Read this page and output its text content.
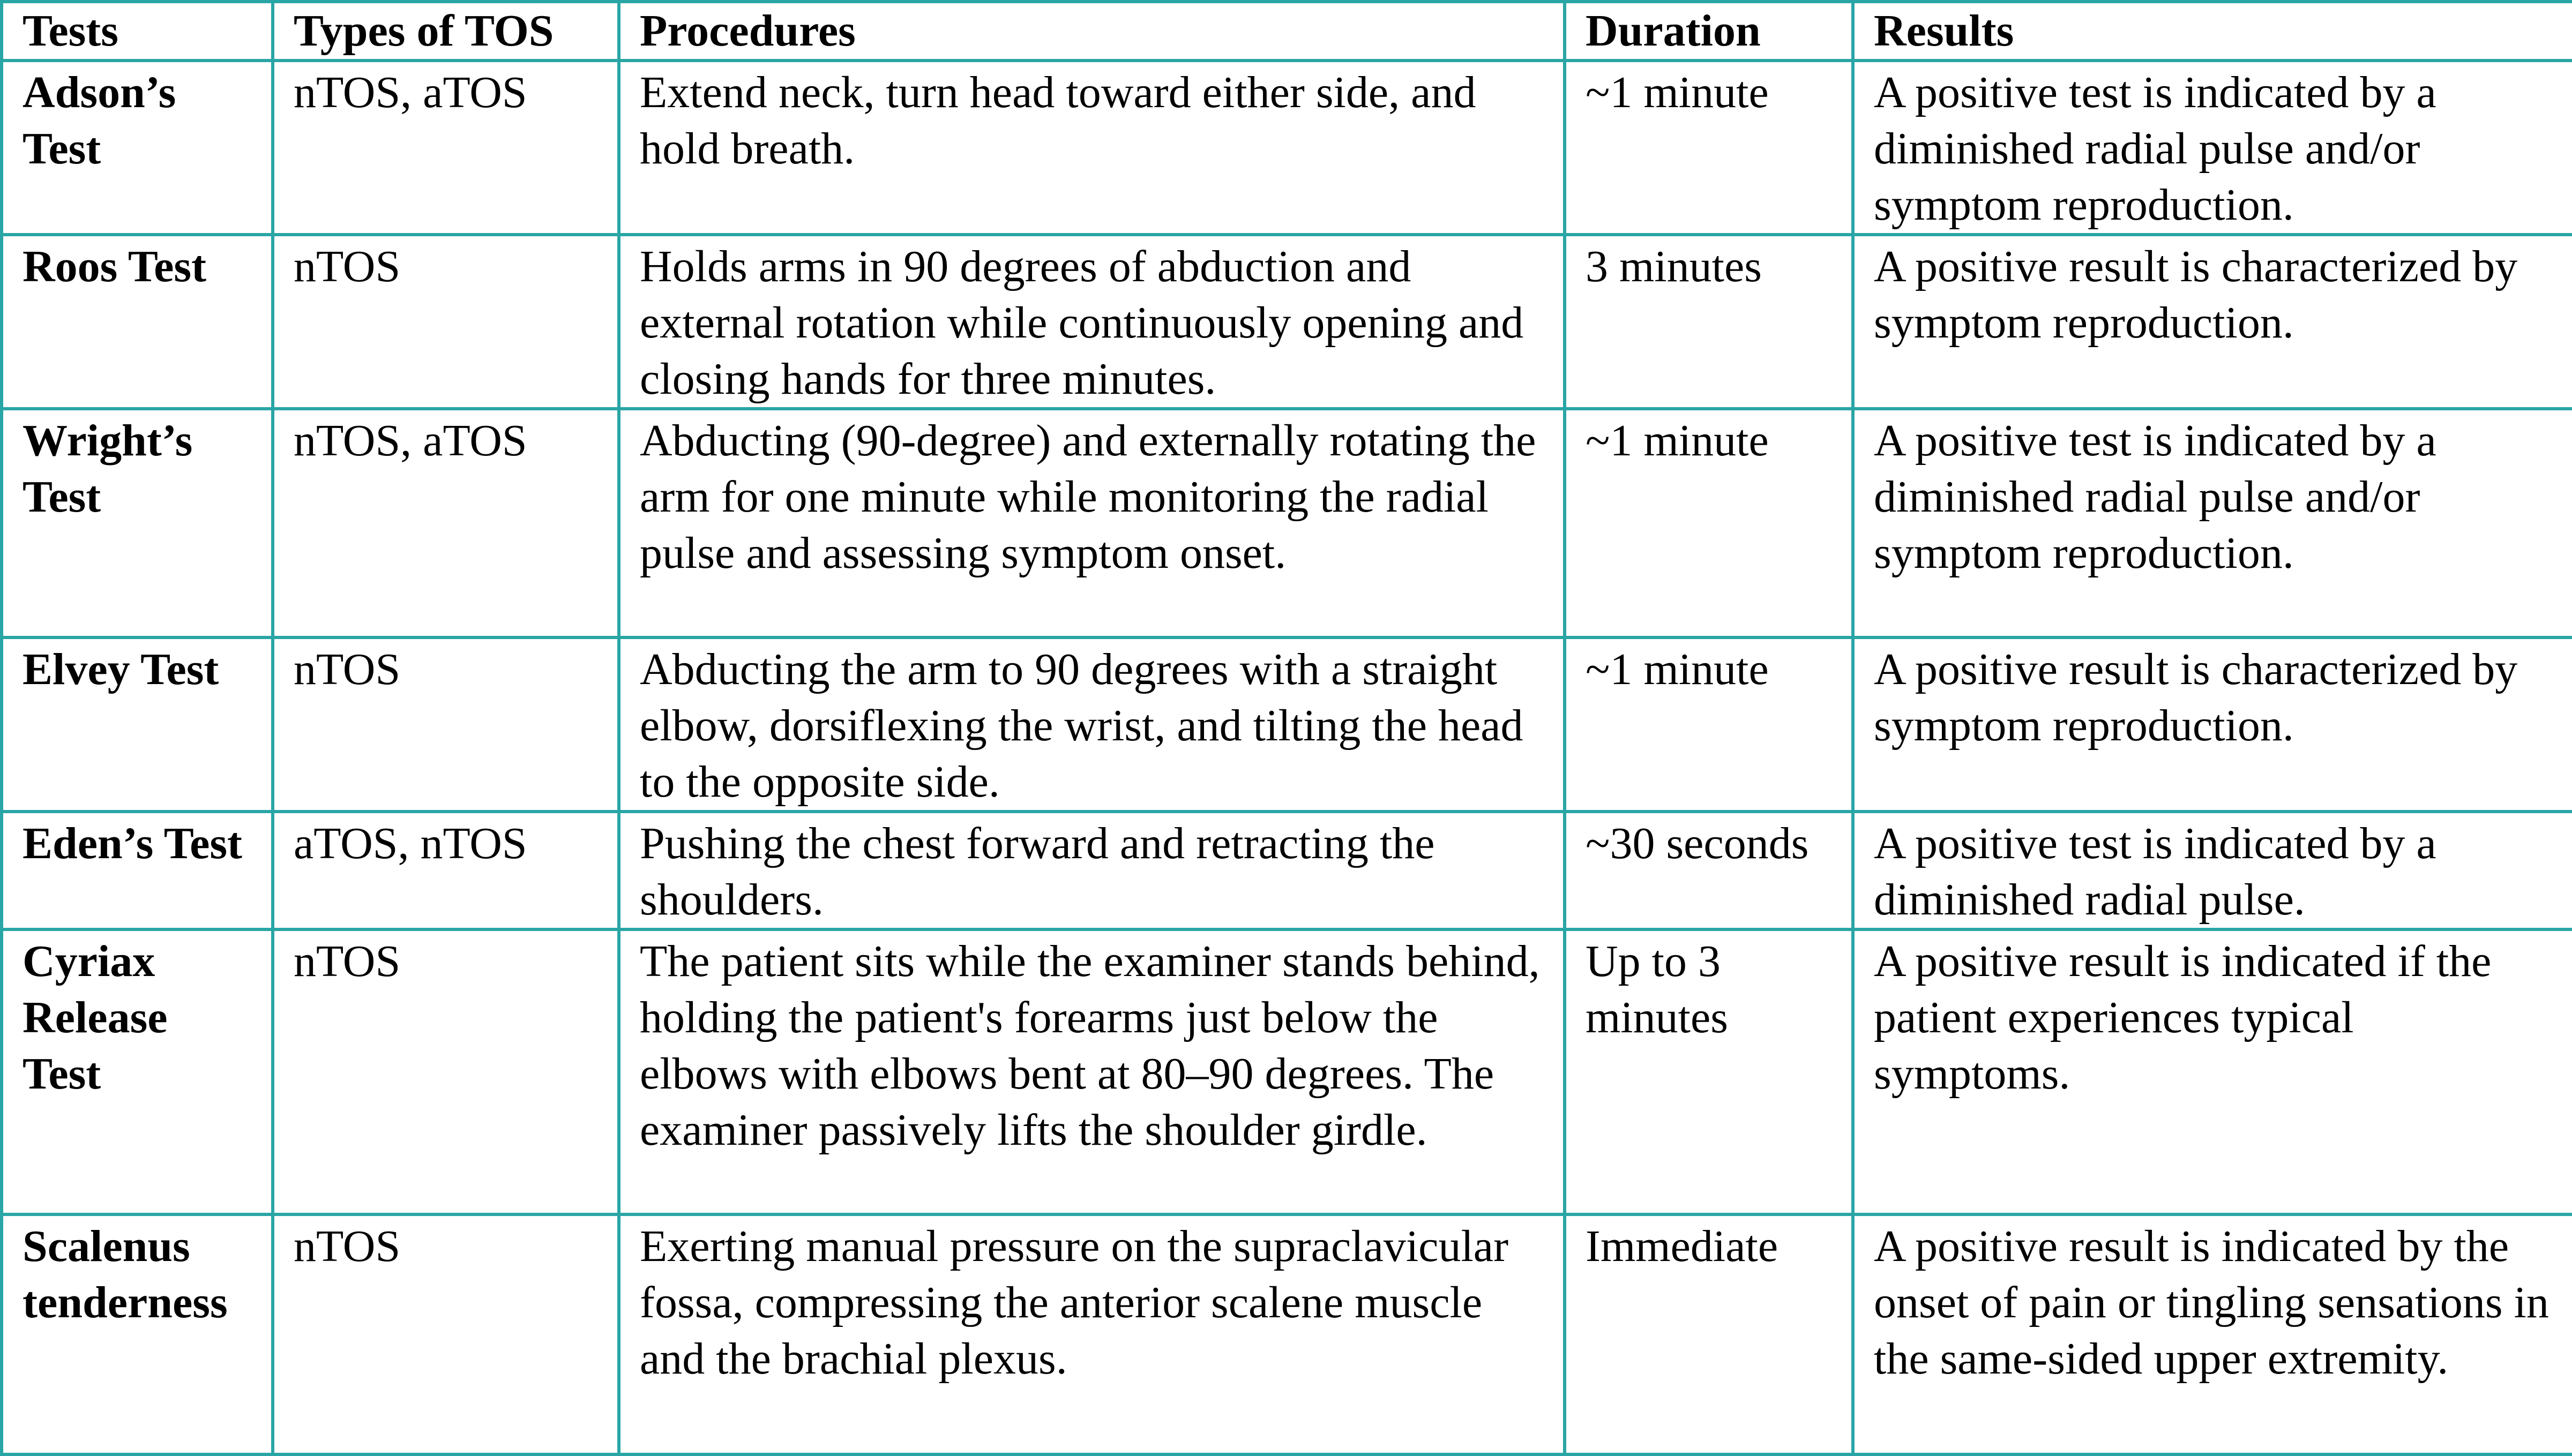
Tests	Types of TOS	Procedures	Duration	Results
Adson’s Test	nTOS, aTOS	Extend neck, turn head toward either side, and hold breath.	~1 minute	A positive test is indicated by a diminished radial pulse and/or symptom reproduction.
Roos Test	nTOS	Holds arms in 90 degrees of abduction and external rotation while continuously opening and closing hands for three minutes.	3 minutes	A positive result is characterized by symptom reproduction.
Wright’s Test	nTOS, aTOS	Abducting (90-degree) and externally rotating the arm for one minute while monitoring the radial pulse and assessing symptom onset.	~1 minute	A positive test is indicated by a diminished radial pulse and/or symptom reproduction.
Elvey Test	nTOS	Abducting the arm to 90 degrees with a straight elbow, dorsiflexing the wrist, and tilting the head to the opposite side.	~1 minute	A positive result is characterized by symptom reproduction.
Eden’s Test	aTOS, nTOS	Pushing the chest forward and retracting the shoulders.	~30 seconds	A positive test is indicated by a diminished radial pulse.
Cyriax Release Test	nTOS	The patient sits while the examiner stands behind, holding the patient's forearms just below the elbows with elbows bent at 80–90 degrees. The examiner passively lifts the shoulder girdle.	Up to 3 minutes	A positive result is indicated if the patient experiences typical symptoms.
Scalenus tenderness	nTOS	Exerting manual pressure on the supraclavicular fossa, compressing the anterior scalene muscle and the brachial plexus.	Immediate	A positive result is indicated by the onset of pain or tingling sensations in the same-sided upper extremity.
